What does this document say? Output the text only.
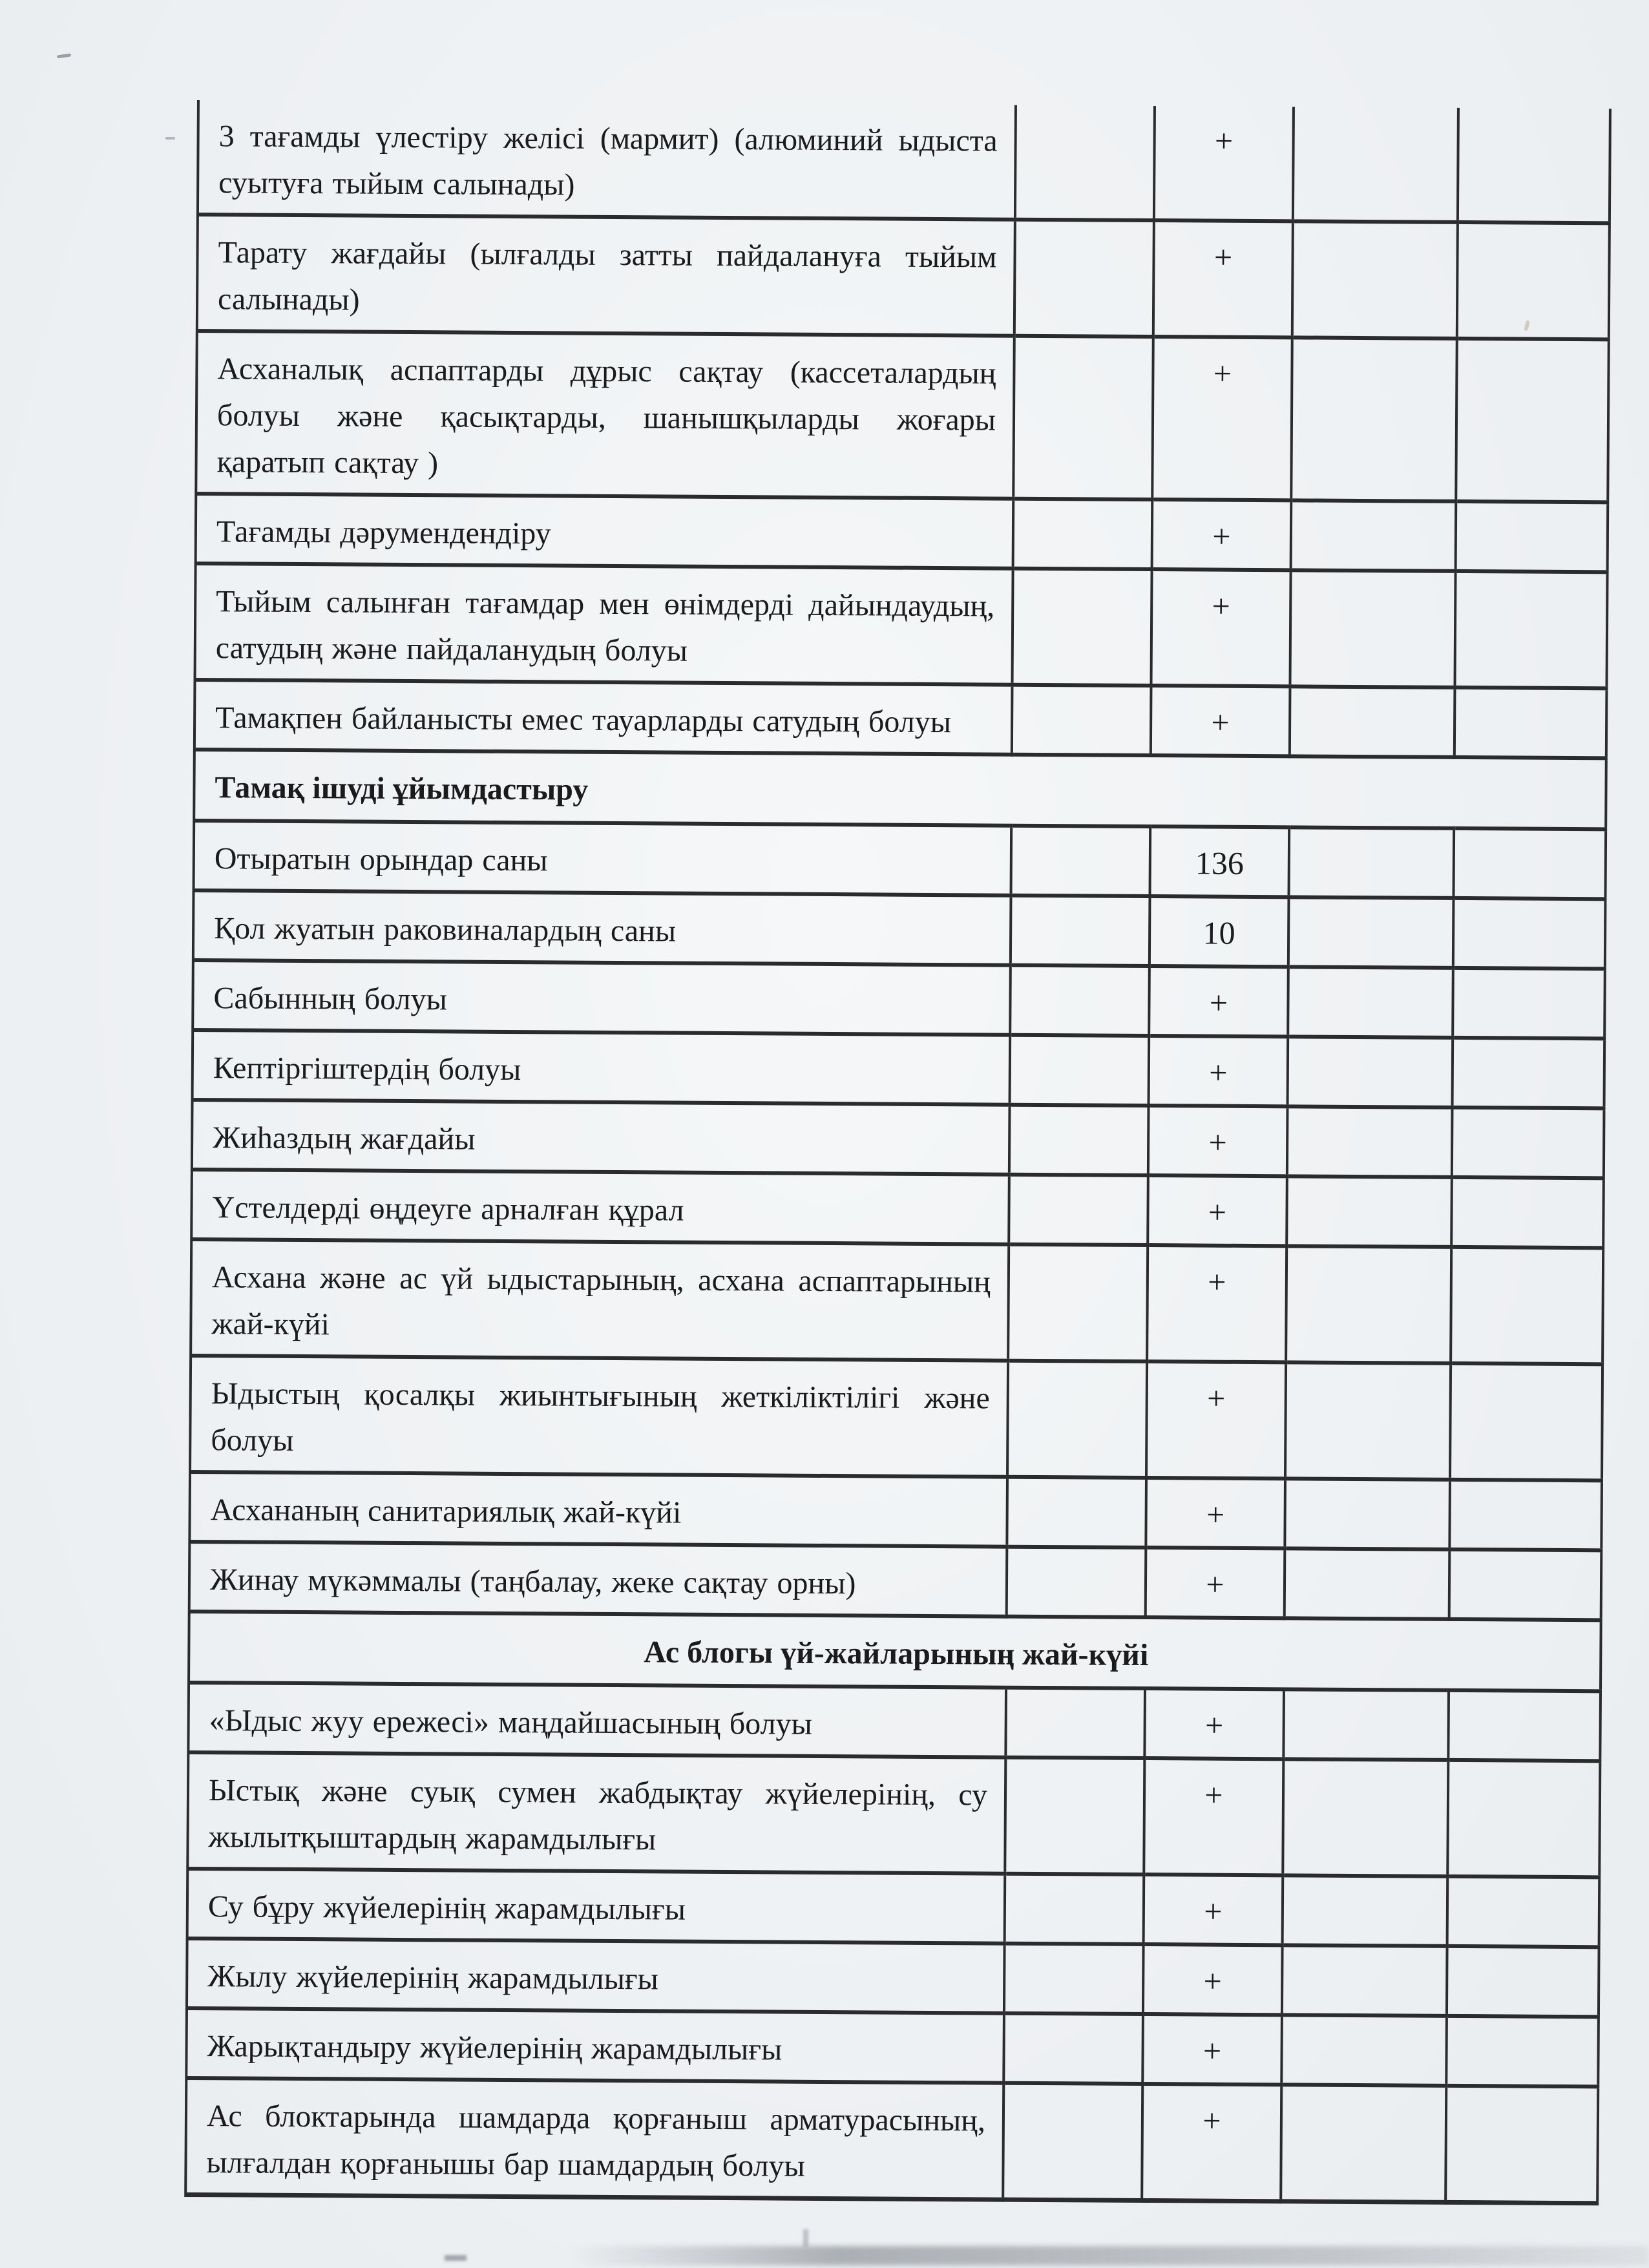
3 тағамды үлестіру желісі (мармит) (алюминий ыдыста суытуға тыйым салынады)		+		
Тарату жағдайы (ылғалды затты пайдалануға тыйым салынады)		+		
Асханалық аспаптарды дұрыс сақтау (кассеталардың болуы және қасықтарды, шанышқыларды жоғары қаратып сақтау )		+		
Тағамды дәрумендендіру		+		
Тыйым салынған тағамдар мен өнімдерді дайындаудың, сатудың және пайдаланудың болуы		+		
Тамақпен байланысты емес тауарларды сатудың болуы		+		
Тамақ ішуді ұйымдастыру				
Отыратын орындар саны		136		
Қол жуатын раковиналардың саны		10		
Сабынның болуы		+		
Кептіргіштердің болуы		+		
Жиһаздың жағдайы		+		
Үстелдерді өңдеуге арналған құрал		+		
Асхана және ас үй ыдыстарының, асхана аспаптарының жай-күйі		+		
Ыдыстың қосалқы жиынтығының жеткіліктілігі және болуы		+		
Асхананың санитариялық жай-күйі		+		
Жинау мүкәммалы (таңбалау, жеке сақтау орны)		+		
Ас блогы үй-жайларының жай-күйі				
«Ыдыс жуу ережесі» маңдайшасының болуы		+		
Ыстық және суық сумен жабдықтау жүйелерінің, су жылытқыштардың жарамдылығы		+		
Су бұру жүйелерінің жарамдылығы		+		
Жылу жүйелерінің жарамдылығы		+		
Жарықтандыру жүйелерінің жарамдылығы		+		
Ас блоктарында шамдарда қорғаныш арматурасының, ылғалдан қорғанышы бар шамдардың болуы		+		
